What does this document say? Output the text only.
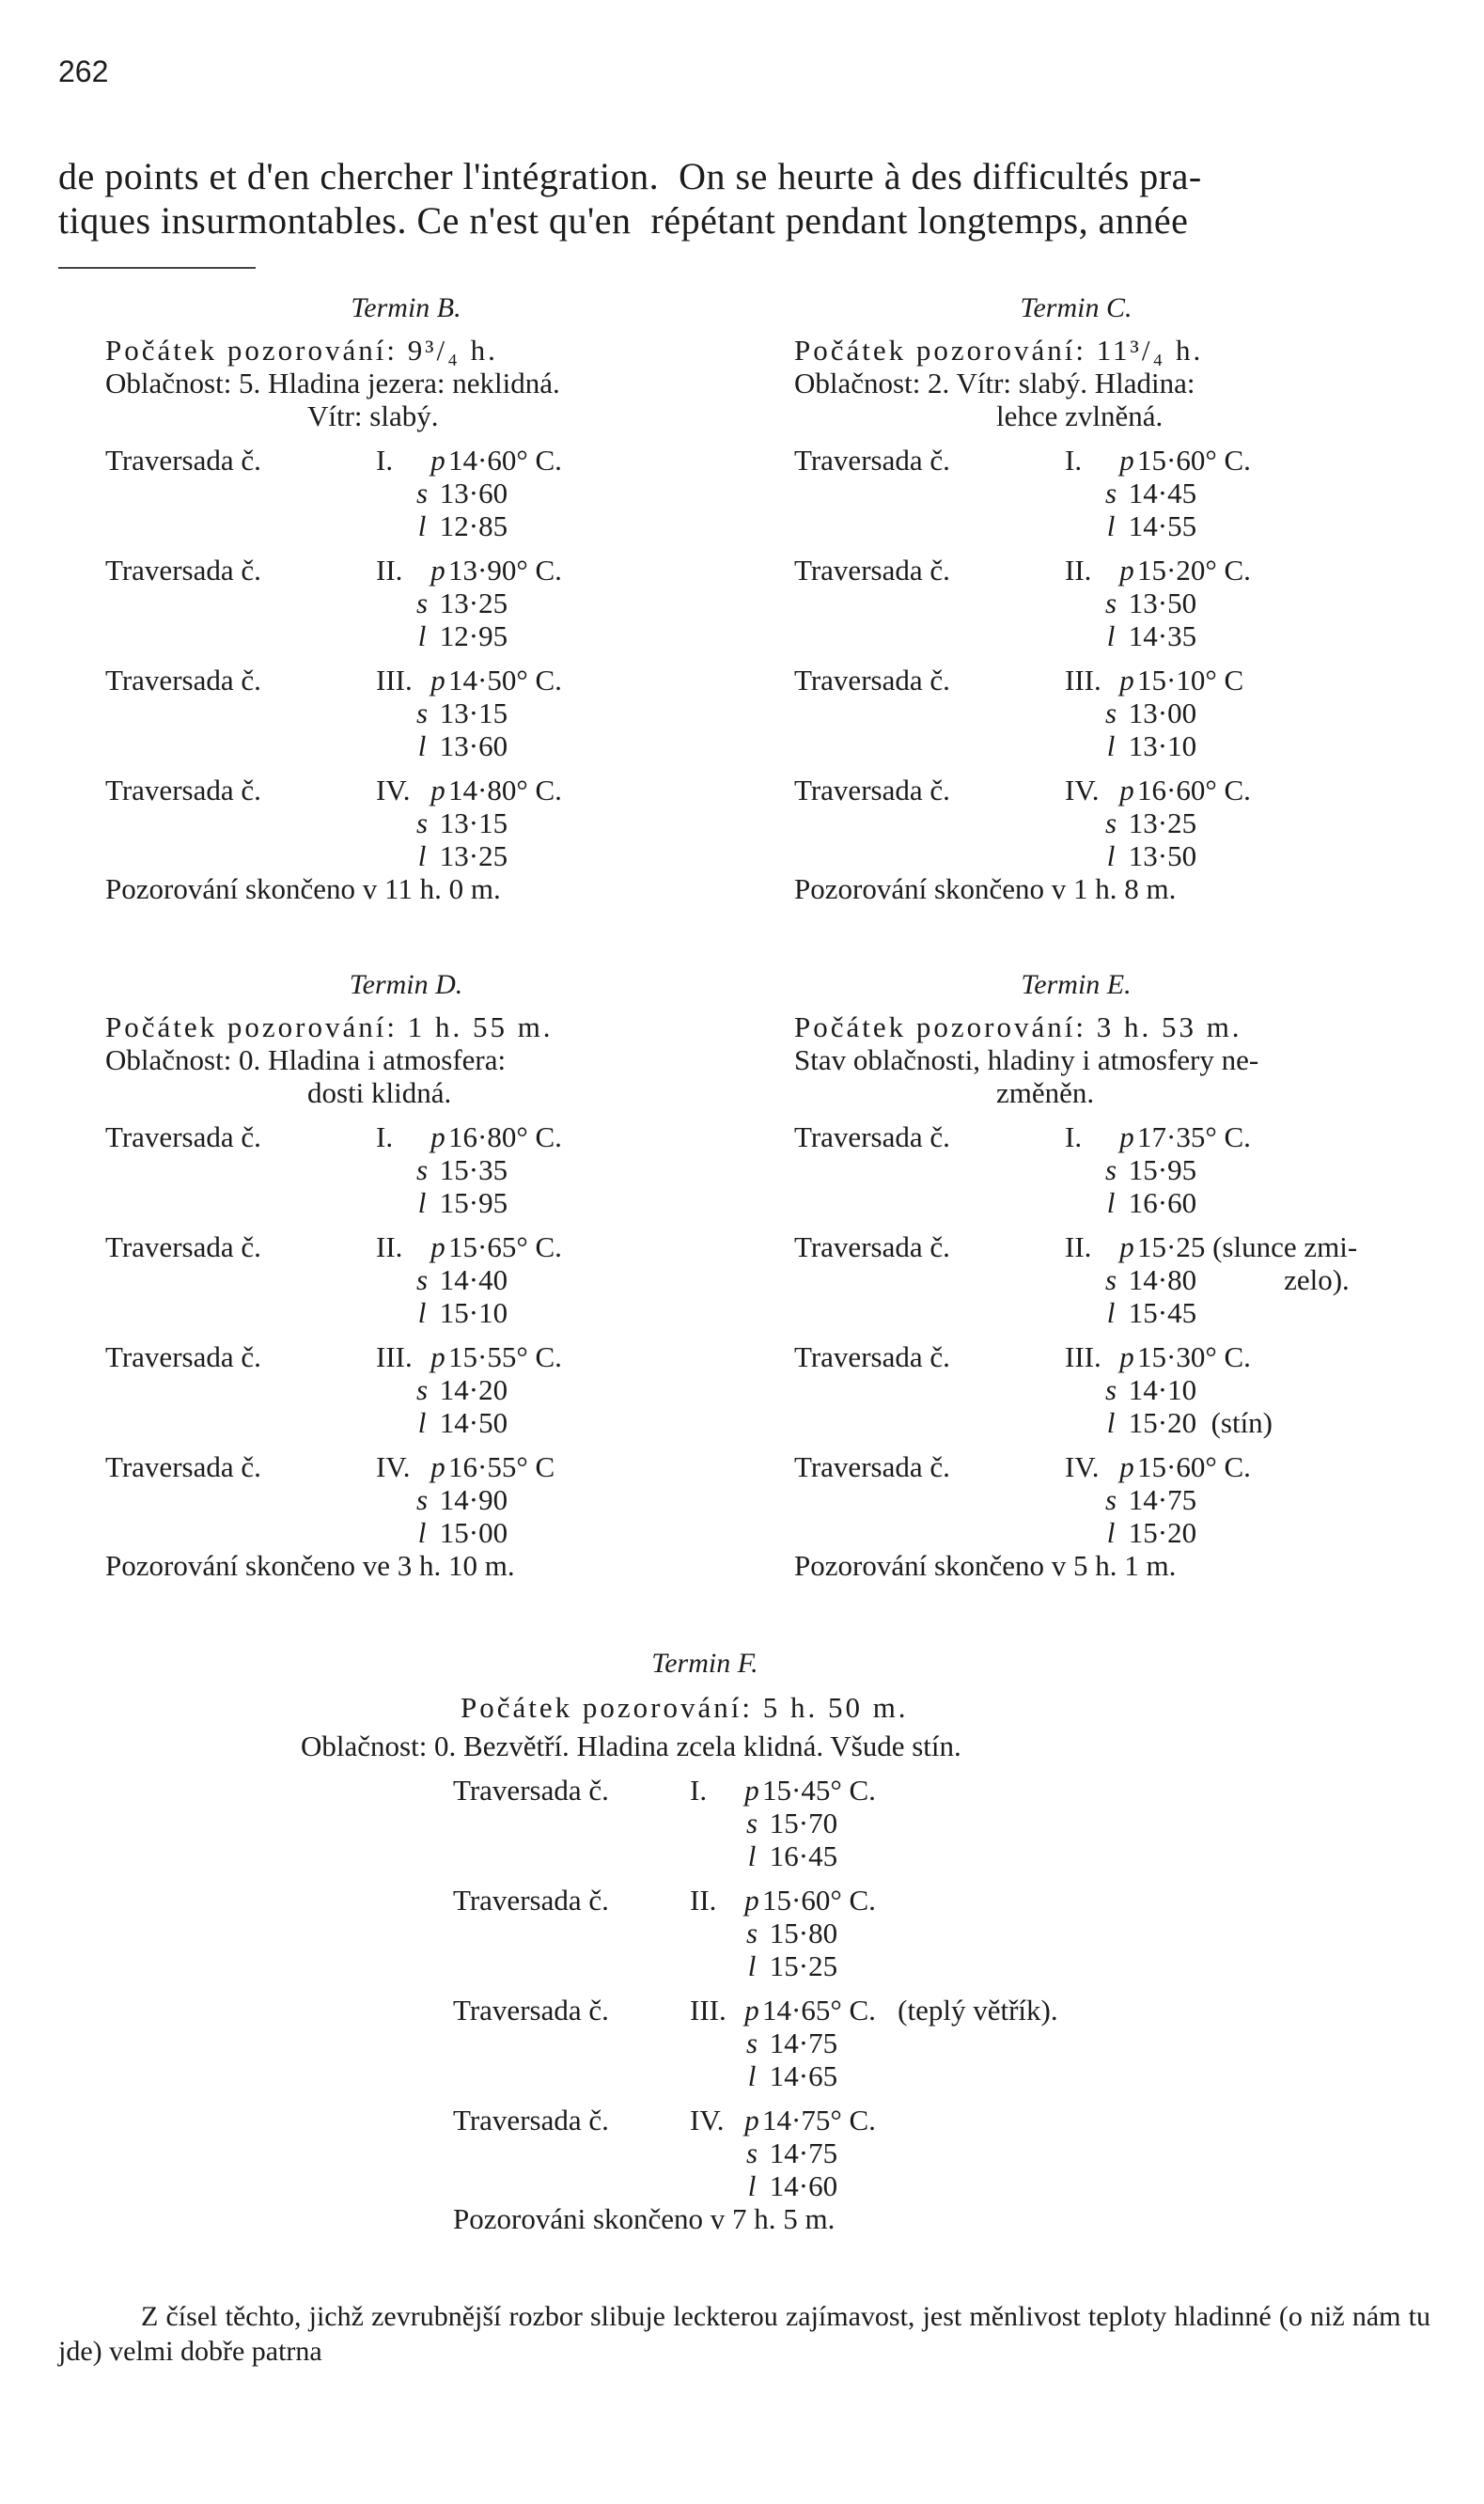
262
de points et d'en chercher l'intégration.  On se heurte à des difficultés pra-
tiques insurmontables. Ce n'est qu'en  répétant pendant longtemps, année
Termin B.
Počátek pozorování: 9³/₄ h.
Oblačnost: 5. Hladina jezera: neklidná.
Vítr: slabý.
Traversada č.	I.	p 14·60° C.
s 13·60
l 12·85
Traversada č.	II. p 13·90° C.
s 13·25
l 12·95
Traversada č.	III. p 14·50° C.
s 13·15
l 13·60
Traversada č.	IV. p 14·80° C.
s 13·15
l 13·25
Pozorování skončeno v 11 h. 0 m.
Termin C.
Počátek pozorování: 11³/₄ h.
Oblačnost: 2. Vítr: slabý. Hladina:
lehce zvlněná.
Traversada č.	I.	p 15·60° C.
s 14·45
l 14·55
Traversada č.	II. p 15·20° C.
s 13·50
l 14·35
Traversada č.	III. p 15·10° C
s 13·00
l 13·10
Traversada č.	IV. p 16·60° C.
s 13·25
l 13·50
Pozorování skončeno v 1 h. 8 m.
Termin D.
Počátek pozorování: 1 h. 55 m.
Oblačnost: 0. Hladina i atmosfera:
dosti klidná.
Traversada č.	I.	p 16·80° C.
s 15·35
l 15·95
Traversada č.	II. p 15·65° C.
s 14·40
l 15·10
Traversada č.	III. p 15·55° C.
s 14·20
l 14·50
Traversada č.	IV. p 16·55° C
s 14·90
l 15·00
Pozorování skončeno ve 3 h. 10 m.
Termin E.
Počátek pozorování: 3 h. 53 m.
Stav oblačnosti, hladiny i atmosfery ne-
změněn.
Traversada č.	I.	p 17·35° C.
s 15·95
l 16·60
Traversada č.	II. p 15·25 (slunce zmi-
s 14·80            zelo).
l 15·45
Traversada č.	III. p 15·30° C.
s 14·10
l 15·20  (stín)
Traversada č.	IV. p 15·60° C.
s 14·75
l 15·20
Pozorování skončeno v 5 h. 1 m.
Termin F.
Počátek pozorování: 5 h. 50 m.
Oblačnost: 0. Bezvětří. Hladina zcela klidná. Všude stín.
Traversada č.	I.	p 15·45° C.
s 15·70
l 16·45
Traversada č.	II. p 15·60° C.
s 15·80
l 15·25
Traversada č.	III. p 14·65° C.   (teplý větřík).
s 14·75
l 14·65
Traversada č.	IV. p 14·75° C.
s 14·75
l 14·60
Pozorováni skončeno v 7 h. 5 m.
Z čísel těchto, jichž zevrubnější rozbor slibuje leckterou zajímavost, jest měnlivost teploty hladinné (o niž nám tu jde) velmi dobře patrna
